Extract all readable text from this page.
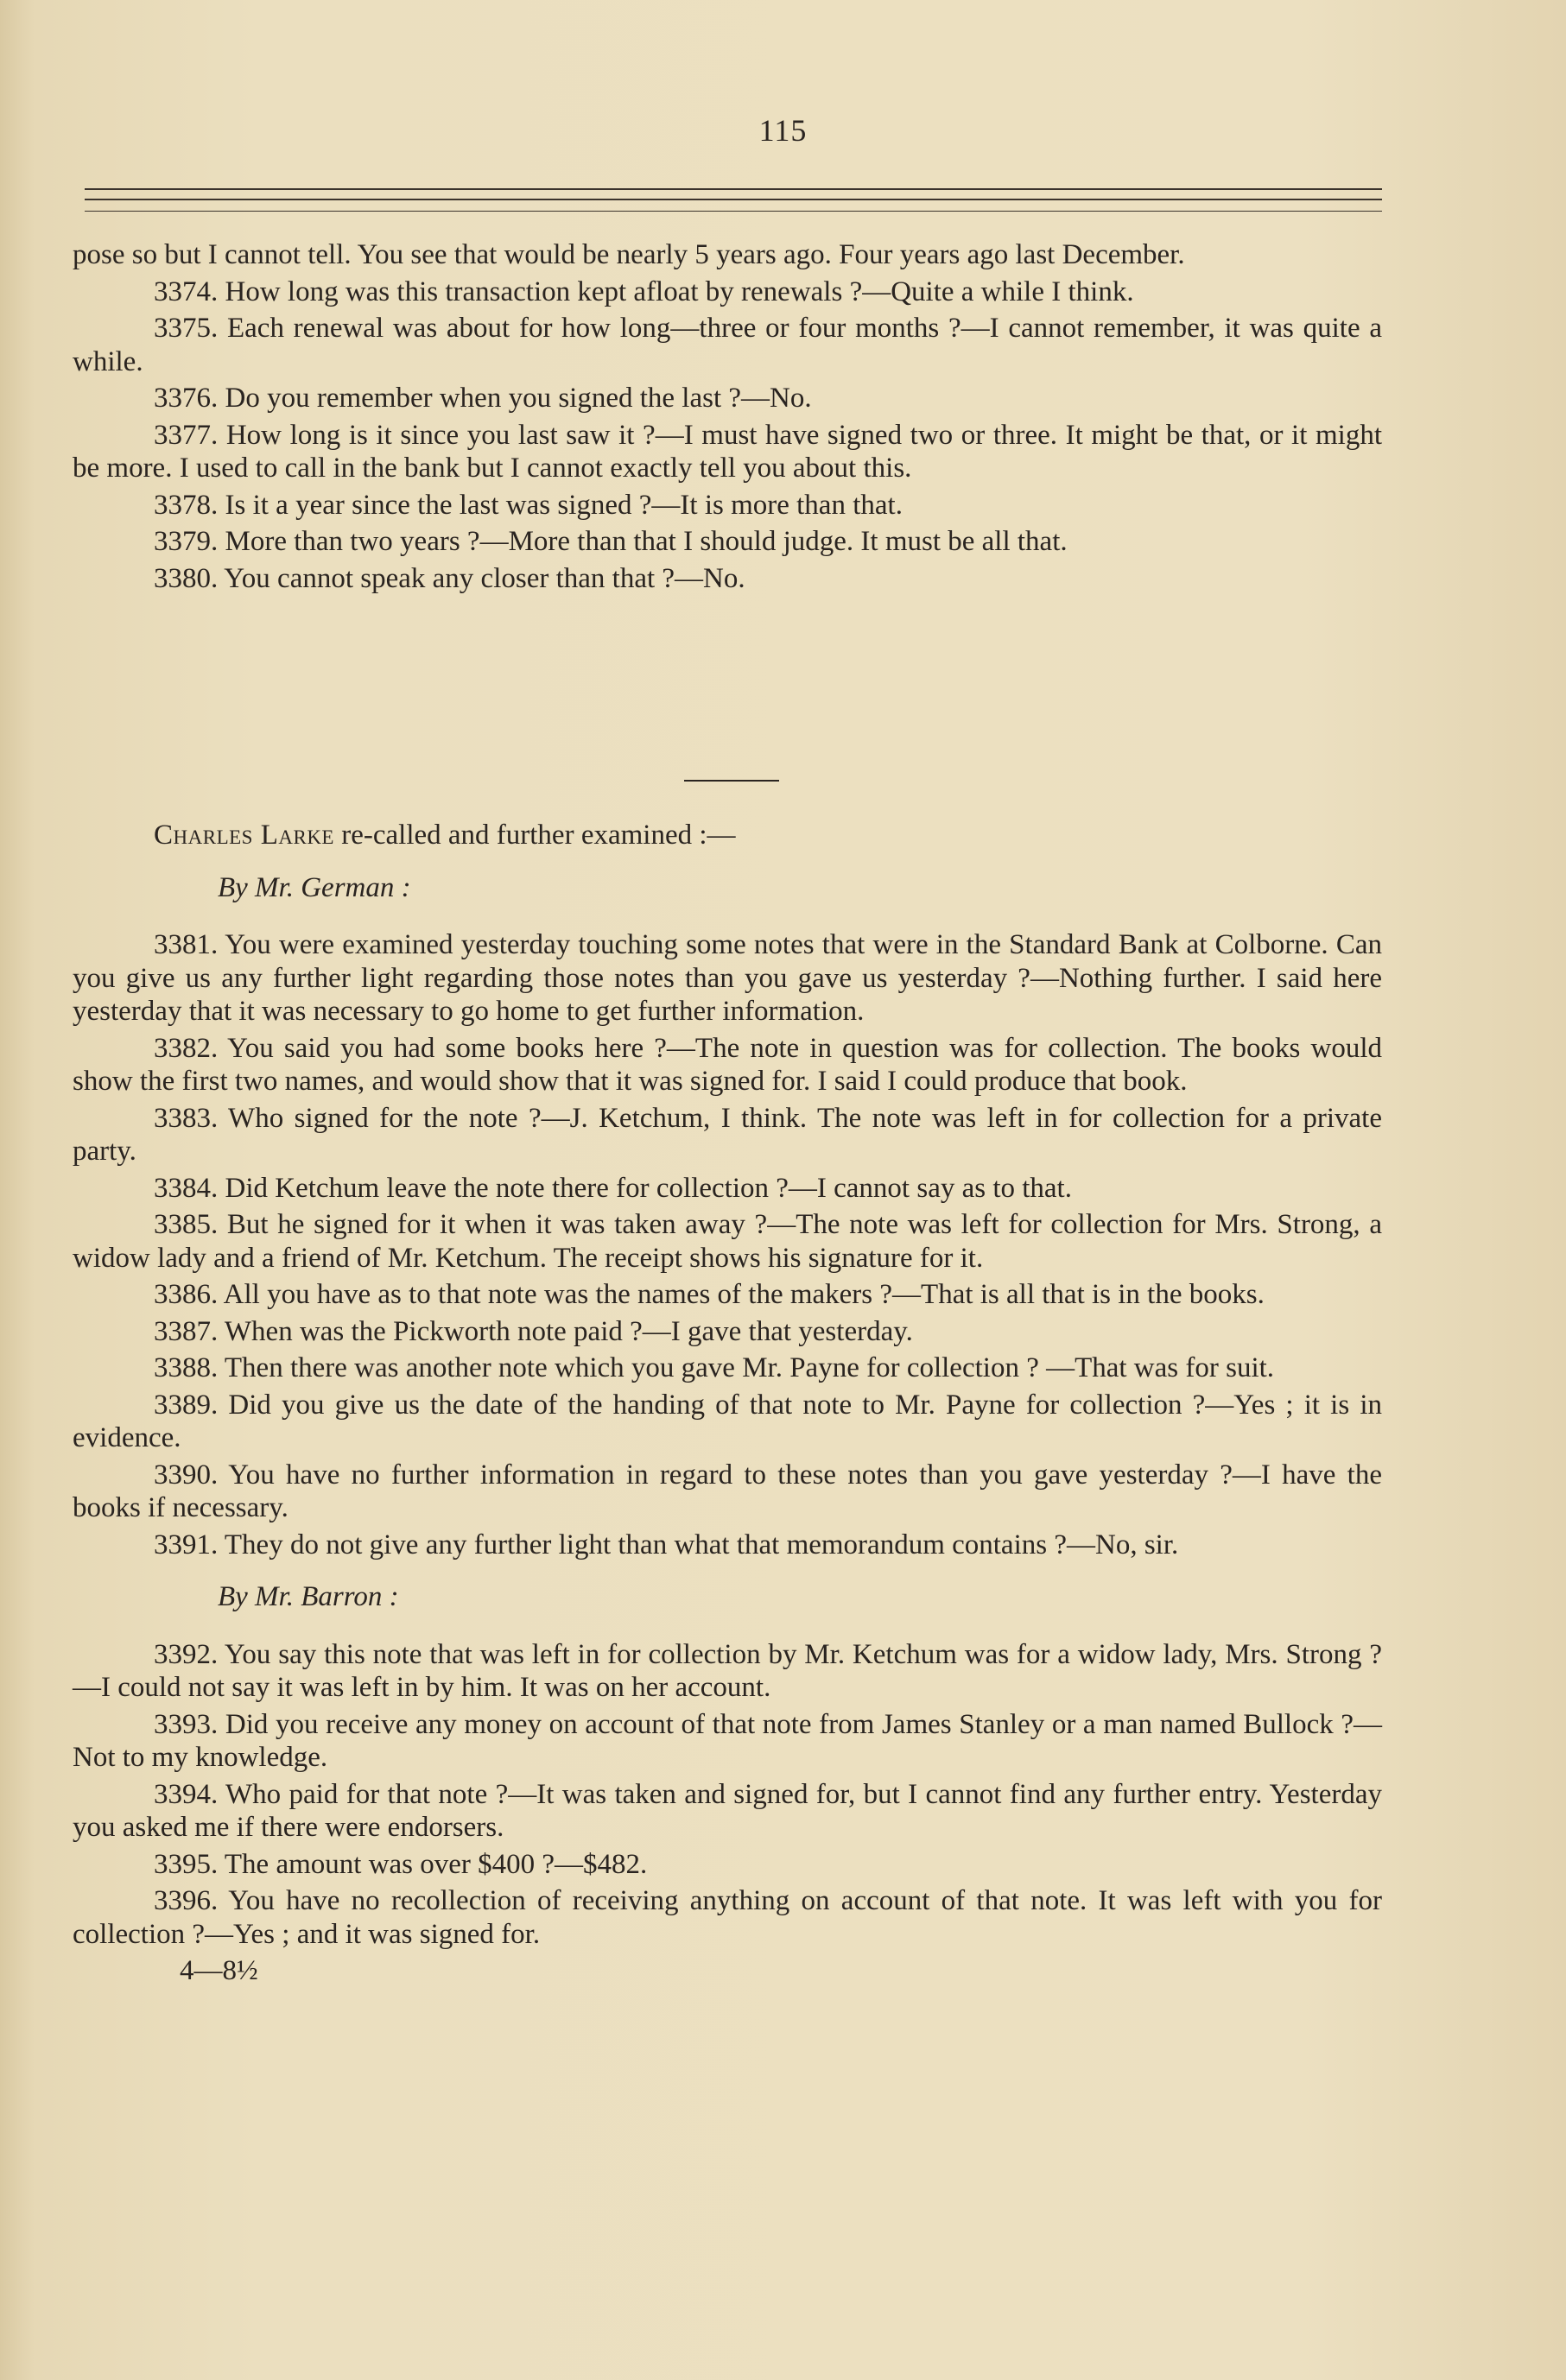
115

pose so but I cannot tell. You see that would be nearly 5 years ago. Four years ago last December.

3374. How long was this transaction kept afloat by renewals ?—Quite a while I think.

3375. Each renewal was about for how long—three or four months ?—I cannot remember, it was quite a while.

3376. Do you remember when you signed the last ?—No.

3377. How long is it since you last saw it ?—I must have signed two or three. It might be that, or it might be more. I used to call in the bank but I cannot exactly tell you about this.

3378. Is it a year since the last was signed ?—It is more than that.

3379. More than two years ?—More than that I should judge. It must be all that.

3380. You cannot speak any closer than that ?—No.

Charles Larke re-called and further examined :—

By Mr. German :

3381. You were examined yesterday touching some notes that were in the Standard Bank at Colborne. Can you give us any further light regarding those notes than you gave us yesterday ?—Nothing further. I said here yesterday that it was necessary to go home to get further information.

3382. You said you had some books here ?—The note in question was for collection. The books would show the first two names, and would show that it was signed for. I said I could produce that book.

3383. Who signed for the note ?—J. Ketchum, I think. The note was left in for collection for a private party.

3384. Did Ketchum leave the note there for collection ?—I cannot say as to that.

3385. But he signed for it when it was taken away ?—The note was left for collection for Mrs. Strong, a widow lady and a friend of Mr. Ketchum. The receipt shows his signature for it.

3386. All you have as to that note was the names of the makers ?—That is all that is in the books.

3387. When was the Pickworth note paid ?—I gave that yesterday.

3388. Then there was another note which you gave Mr. Payne for collection ? —That was for suit.

3389. Did you give us the date of the handing of that note to Mr. Payne for collection ?—Yes ; it is in evidence.

3390. You have no further information in regard to these notes than you gave yesterday ?—I have the books if necessary.

3391. They do not give any further light than what that memorandum contains ?—No, sir.

By Mr. Barron :

3392. You say this note that was left in for collection by Mr. Ketchum was for a widow lady, Mrs. Strong ?—I could not say it was left in by him. It was on her account.

3393. Did you receive any money on account of that note from James Stanley or a man named Bullock ?—Not to my knowledge.

3394. Who paid for that note ?—It was taken and signed for, but I cannot find any further entry. Yesterday you asked me if there were endorsers.

3395. The amount was over $400 ?—$482.

3396. You have no recollection of receiving anything on account of that note. It was left with you for collection ?—Yes ; and it was signed for.

4—8½
